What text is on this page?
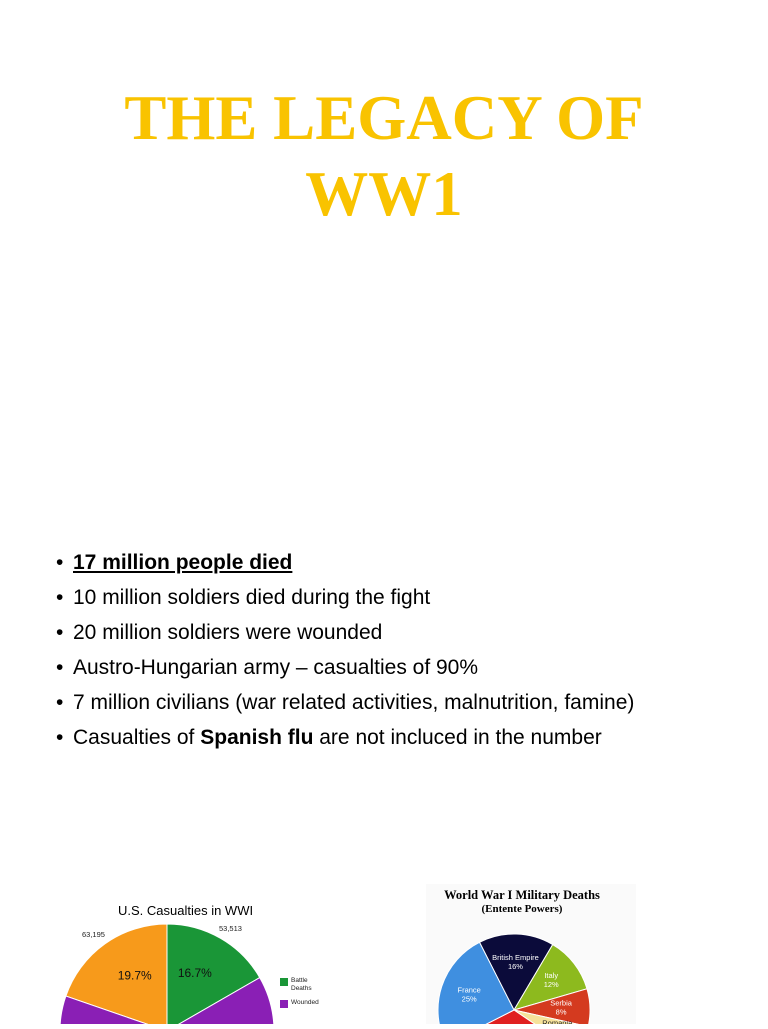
THE LEGACY OF
WW1
• 17 million people died
• 10 million soldiers died during the fight
• 20 million soldiers were wounded
• Austro-Hungarian army – casualties of 90%
• 7 million civilians (war related activities, malnutrition, famine)
• Casualties of Spanish flu are not incluced in the number
U.S. Casualties in WWI
19.7% 16.7%
63,195
53,513
Battle Deaths
Wounded
World War I Military Deaths
(Entente Powers)
British Empire 16%
Italy 12%
Serbia 8%
Romania
France 25%
